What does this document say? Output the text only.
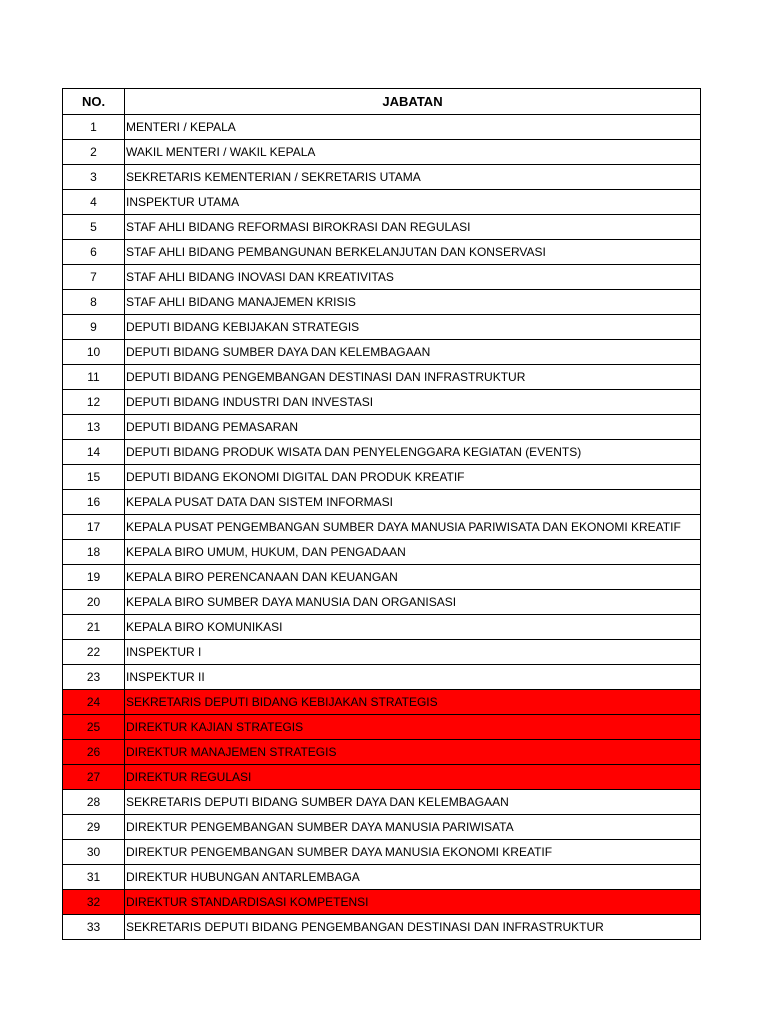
NO.	JABATAN
1	MENTERI / KEPALA
2	WAKIL MENTERI / WAKIL KEPALA
3	SEKRETARIS KEMENTERIAN / SEKRETARIS UTAMA
4	INSPEKTUR UTAMA
5	STAF AHLI BIDANG REFORMASI BIROKRASI DAN REGULASI
6	STAF AHLI BIDANG PEMBANGUNAN BERKELANJUTAN DAN KONSERVASI
7	STAF AHLI BIDANG INOVASI DAN KREATIVITAS
8	STAF AHLI BIDANG MANAJEMEN KRISIS
9	DEPUTI BIDANG KEBIJAKAN STRATEGIS
10	DEPUTI BIDANG SUMBER DAYA DAN KELEMBAGAAN
11	DEPUTI BIDANG PENGEMBANGAN DESTINASI DAN INFRASTRUKTUR
12	DEPUTI BIDANG INDUSTRI DAN INVESTASI
13	DEPUTI BIDANG PEMASARAN
14	DEPUTI BIDANG PRODUK WISATA DAN PENYELENGGARA KEGIATAN (EVENTS)
15	DEPUTI BIDANG EKONOMI DIGITAL DAN PRODUK KREATIF
16	KEPALA PUSAT DATA DAN SISTEM INFORMASI
17	KEPALA PUSAT PENGEMBANGAN SUMBER DAYA MANUSIA PARIWISATA DAN EKONOMI KREATIF
18	KEPALA BIRO UMUM, HUKUM, DAN PENGADAAN
19	KEPALA BIRO PERENCANAAN DAN KEUANGAN
20	KEPALA BIRO SUMBER DAYA MANUSIA DAN ORGANISASI
21	KEPALA BIRO KOMUNIKASI
22	INSPEKTUR I
23	INSPEKTUR II
24	SEKRETARIS DEPUTI BIDANG KEBIJAKAN STRATEGIS
25	DIREKTUR KAJIAN STRATEGIS
26	DIREKTUR MANAJEMEN STRATEGIS
27	DIREKTUR REGULASI
28	SEKRETARIS DEPUTI BIDANG SUMBER DAYA DAN KELEMBAGAAN
29	DIREKTUR PENGEMBANGAN SUMBER DAYA MANUSIA PARIWISATA
30	DIREKTUR PENGEMBANGAN SUMBER DAYA MANUSIA EKONOMI KREATIF
31	DIREKTUR HUBUNGAN ANTARLEMBAGA
32	DIREKTUR STANDARDISASI KOMPETENSI
33	SEKRETARIS DEPUTI BIDANG PENGEMBANGAN DESTINASI DAN INFRASTRUKTUR
